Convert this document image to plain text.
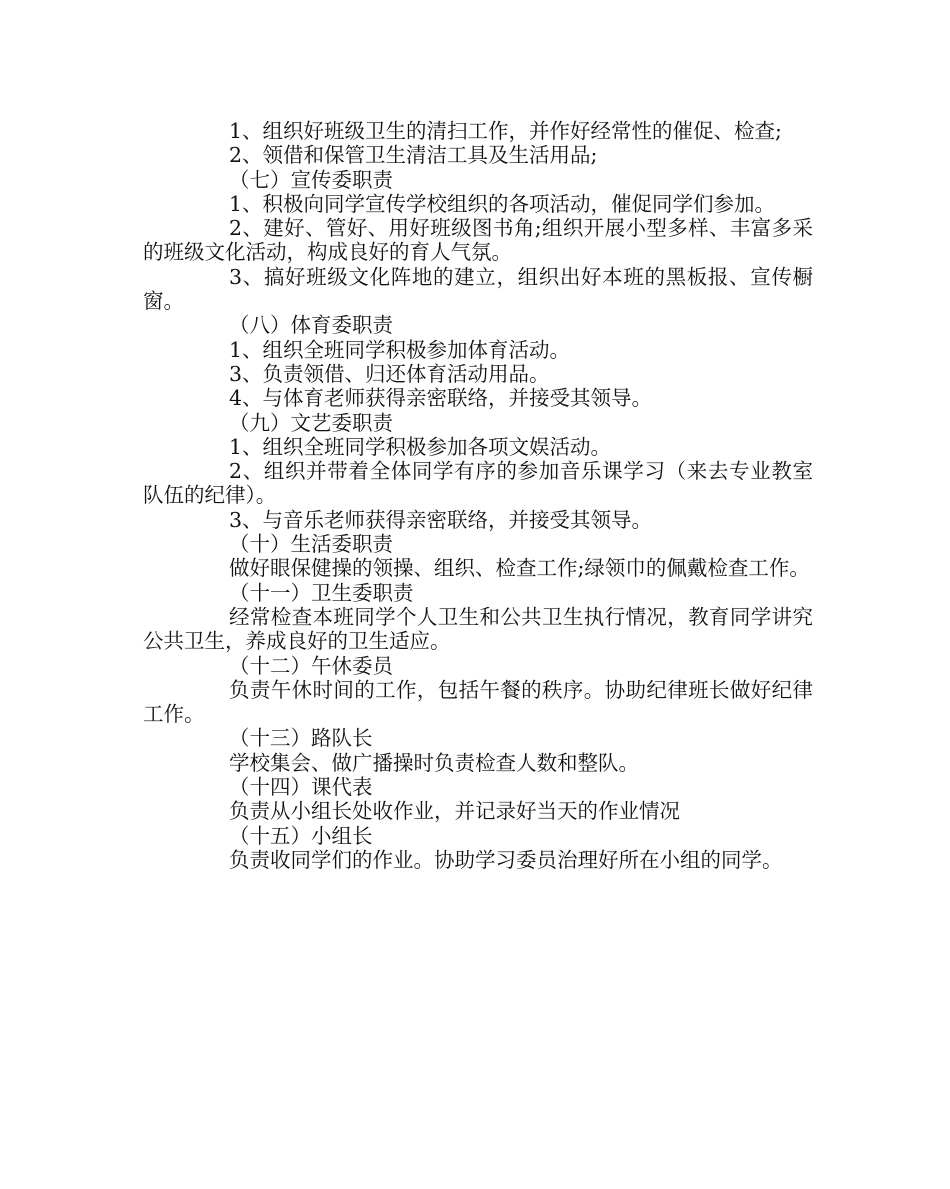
1、组织好班级卫生的清扫工作，并作好经常性的催促、检查;

2、领借和保管卫生清洁工具及生活用品;

（七）宣传委职责

1、积极向同学宣传学校组织的各项活动，催促同学们参加。

2、建好、管好、用好班级图书角;组织开展小型多样、丰富多采的班级文化活动，构成良好的育人气氛。

3、搞好班级文化阵地的建立，组织出好本班的黑板报、宣传橱窗。

（八）体育委职责

1、组织全班同学积极参加体育活动。

3、负责领借、归还体育活动用品。

4、与体育老师获得亲密联络，并接受其领导。

（九）文艺委职责

1、组织全班同学积极参加各项文娱活动。

2、组织并带着全体同学有序的参加音乐课学习（来去专业教室队伍的纪律）。

3、与音乐老师获得亲密联络，并接受其领导。

（十）生活委职责

做好眼保健操的领操、组织、检查工作;绿领巾的佩戴检查工作。

（十一）卫生委职责

经常检查本班同学个人卫生和公共卫生执行情况，教育同学讲究公共卫生，养成良好的卫生适应。

（十二）午休委员

负责午休时间的工作，包括午餐的秩序。协助纪律班长做好纪律工作。

（十三）路队长

学校集会、做广播操时负责检查人数和整队。

（十四）课代表

负责从小组长处收作业，并记录好当天的作业情况

（十五）小组长

负责收同学们的作业。协助学习委员治理好所在小组的同学。
